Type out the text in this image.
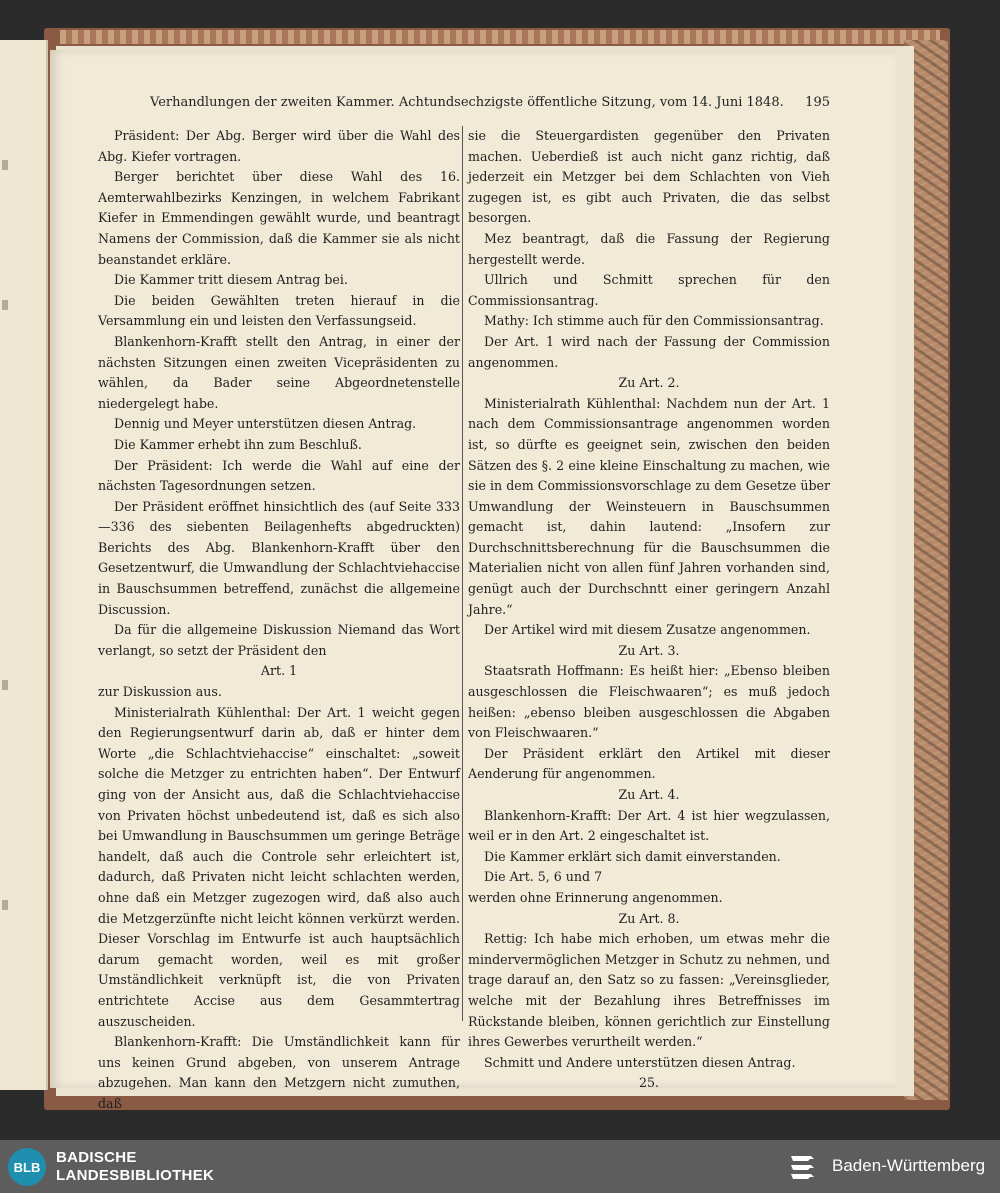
Verhandlungen der zweiten Kammer. Achtundsechzigste öffentliche Sitzung, vom 14. Juni 1848. 195

Präsident: Der Abg. Berger wird über die Wahl des Abg. Kiefer vortragen.

Berger berichtet über diese Wahl des 16. Aemterwahlbezirks Kenzingen, in welchem Fabrikant Kiefer in Emmendingen gewählt wurde, und beantragt Namens der Commission, daß die Kammer sie als nicht beanstandet erkläre.

Die Kammer tritt diesem Antrag bei.

Die beiden Gewählten treten hierauf in die Versammlung ein und leisten den Verfassungseid.

Blankenhorn-Krafft stellt den Antrag, in einer der nächsten Sitzungen einen zweiten Vicepräsidenten zu wählen, da Bader seine Abgeordnetenstelle niedergelegt habe.

Dennig und Meyer unterstützen diesen Antrag.

Die Kammer erhebt ihn zum Beschluß.

Der Präsident: Ich werde die Wahl auf eine der nächsten Tagesordnungen setzen.

Der Präsident eröffnet hinsichtlich des (auf Seite 333—336 des siebenten Beilagenhefts abgedruckten) Berichts des Abg. Blankenhorn-Krafft über den Gesetzentwurf, die Umwandlung der Schlachtviehaccise in Bauschsummen betreffend, zunächst die allgemeine Discussion.

Da für die allgemeine Diskussion Niemand das Wort verlangt, so setzt der Präsident den

Art. 1

zur Diskussion aus.

Ministerialrath Kühlenthal: Der Art. 1 weicht gegen den Regierungsentwurf darin ab, daß er hinter dem Worte „die Schlachtviehaccise“ einschaltet: „soweit solche die Metzger zu entrichten haben“. Der Entwurf ging von der Ansicht aus, daß die Schlachtviehaccise von Privaten höchst unbedeutend ist, daß es sich also bei Umwandlung in Bauschsummen um geringe Beträge handelt, daß auch die Controle sehr erleichtert ist, dadurch, daß Privaten nicht leicht schlachten werden, ohne daß ein Metzger zugezogen wird, daß also auch die Metzgerzünfte nicht leicht können verkürzt werden. Dieser Vorschlag im Entwurfe ist auch hauptsächlich darum gemacht worden, weil es mit großer Umständlichkeit verknüpft ist, die von Privaten entrichtete Accise aus dem Gesammtertrag auszuscheiden.

Blankenhorn-Krafft: Die Umständlichkeit kann für uns keinen Grund abgeben, von unserem Antrage abzugehen. Man kann den Metzgern nicht zumuthen, daß

sie die Steuergardisten gegenüber den Privaten machen. Ueberdieß ist auch nicht ganz richtig, daß jederzeit ein Metzger bei dem Schlachten von Vieh zugegen ist, es gibt auch Privaten, die das selbst besorgen.

Mez beantragt, daß die Fassung der Regierung hergestellt werde.

Ullrich und Schmitt sprechen für den Commissionsantrag.

Mathy: Ich stimme auch für den Commissionsantrag.

Der Art. 1 wird nach der Fassung der Commission angenommen.

Zu Art. 2.

Ministerialrath Kühlenthal: Nachdem nun der Art. 1 nach dem Commissionsantrage angenommen worden ist, so dürfte es geeignet sein, zwischen den beiden Sätzen des §. 2 eine kleine Einschaltung zu machen, wie sie in dem Commissionsvorschlage zu dem Gesetze über Umwandlung der Weinsteuern in Bauschsummen gemacht ist, dahin lautend: „Insofern zur Durchschnittsberechnung für die Bauschsummen die Materialien nicht von allen fünf Jahren vorhanden sind, genügt auch der Durchschntt einer geringern Anzahl Jahre.“

Der Artikel wird mit diesem Zusatze angenommen.

Zu Art. 3.

Staatsrath Hoffmann: Es heißt hier: „Ebenso bleiben ausgeschlossen die Fleischwaaren“; es muß jedoch heißen: „ebenso bleiben ausgeschlossen die Abgaben von Fleischwaaren.“

Der Präsident erklärt den Artikel mit dieser Aenderung für angenommen.

Zu Art. 4.

Blankenhorn-Krafft: Der Art. 4 ist hier wegzulassen, weil er in den Art. 2 eingeschaltet ist.

Die Kammer erklärt sich damit einverstanden.

Die Art. 5, 6 und 7

werden ohne Erinnerung angenommen.

Zu Art. 8.

Rettig: Ich habe mich erhoben, um etwas mehr die mindervermöglichen Metzger in Schutz zu nehmen, und trage darauf an, den Satz so zu fassen: „Vereinsglieder, welche mit der Bezahlung ihres Betreffnisses im Rückstande bleiben, können gerichtlich zur Einstellung ihres Gewerbes verurtheilt werden.“

Schmitt und Andere unterstützen diesen Antrag.

25.

BLB
BADISCHE
LANDESBIBLIOTHEK
Baden-Württemberg
